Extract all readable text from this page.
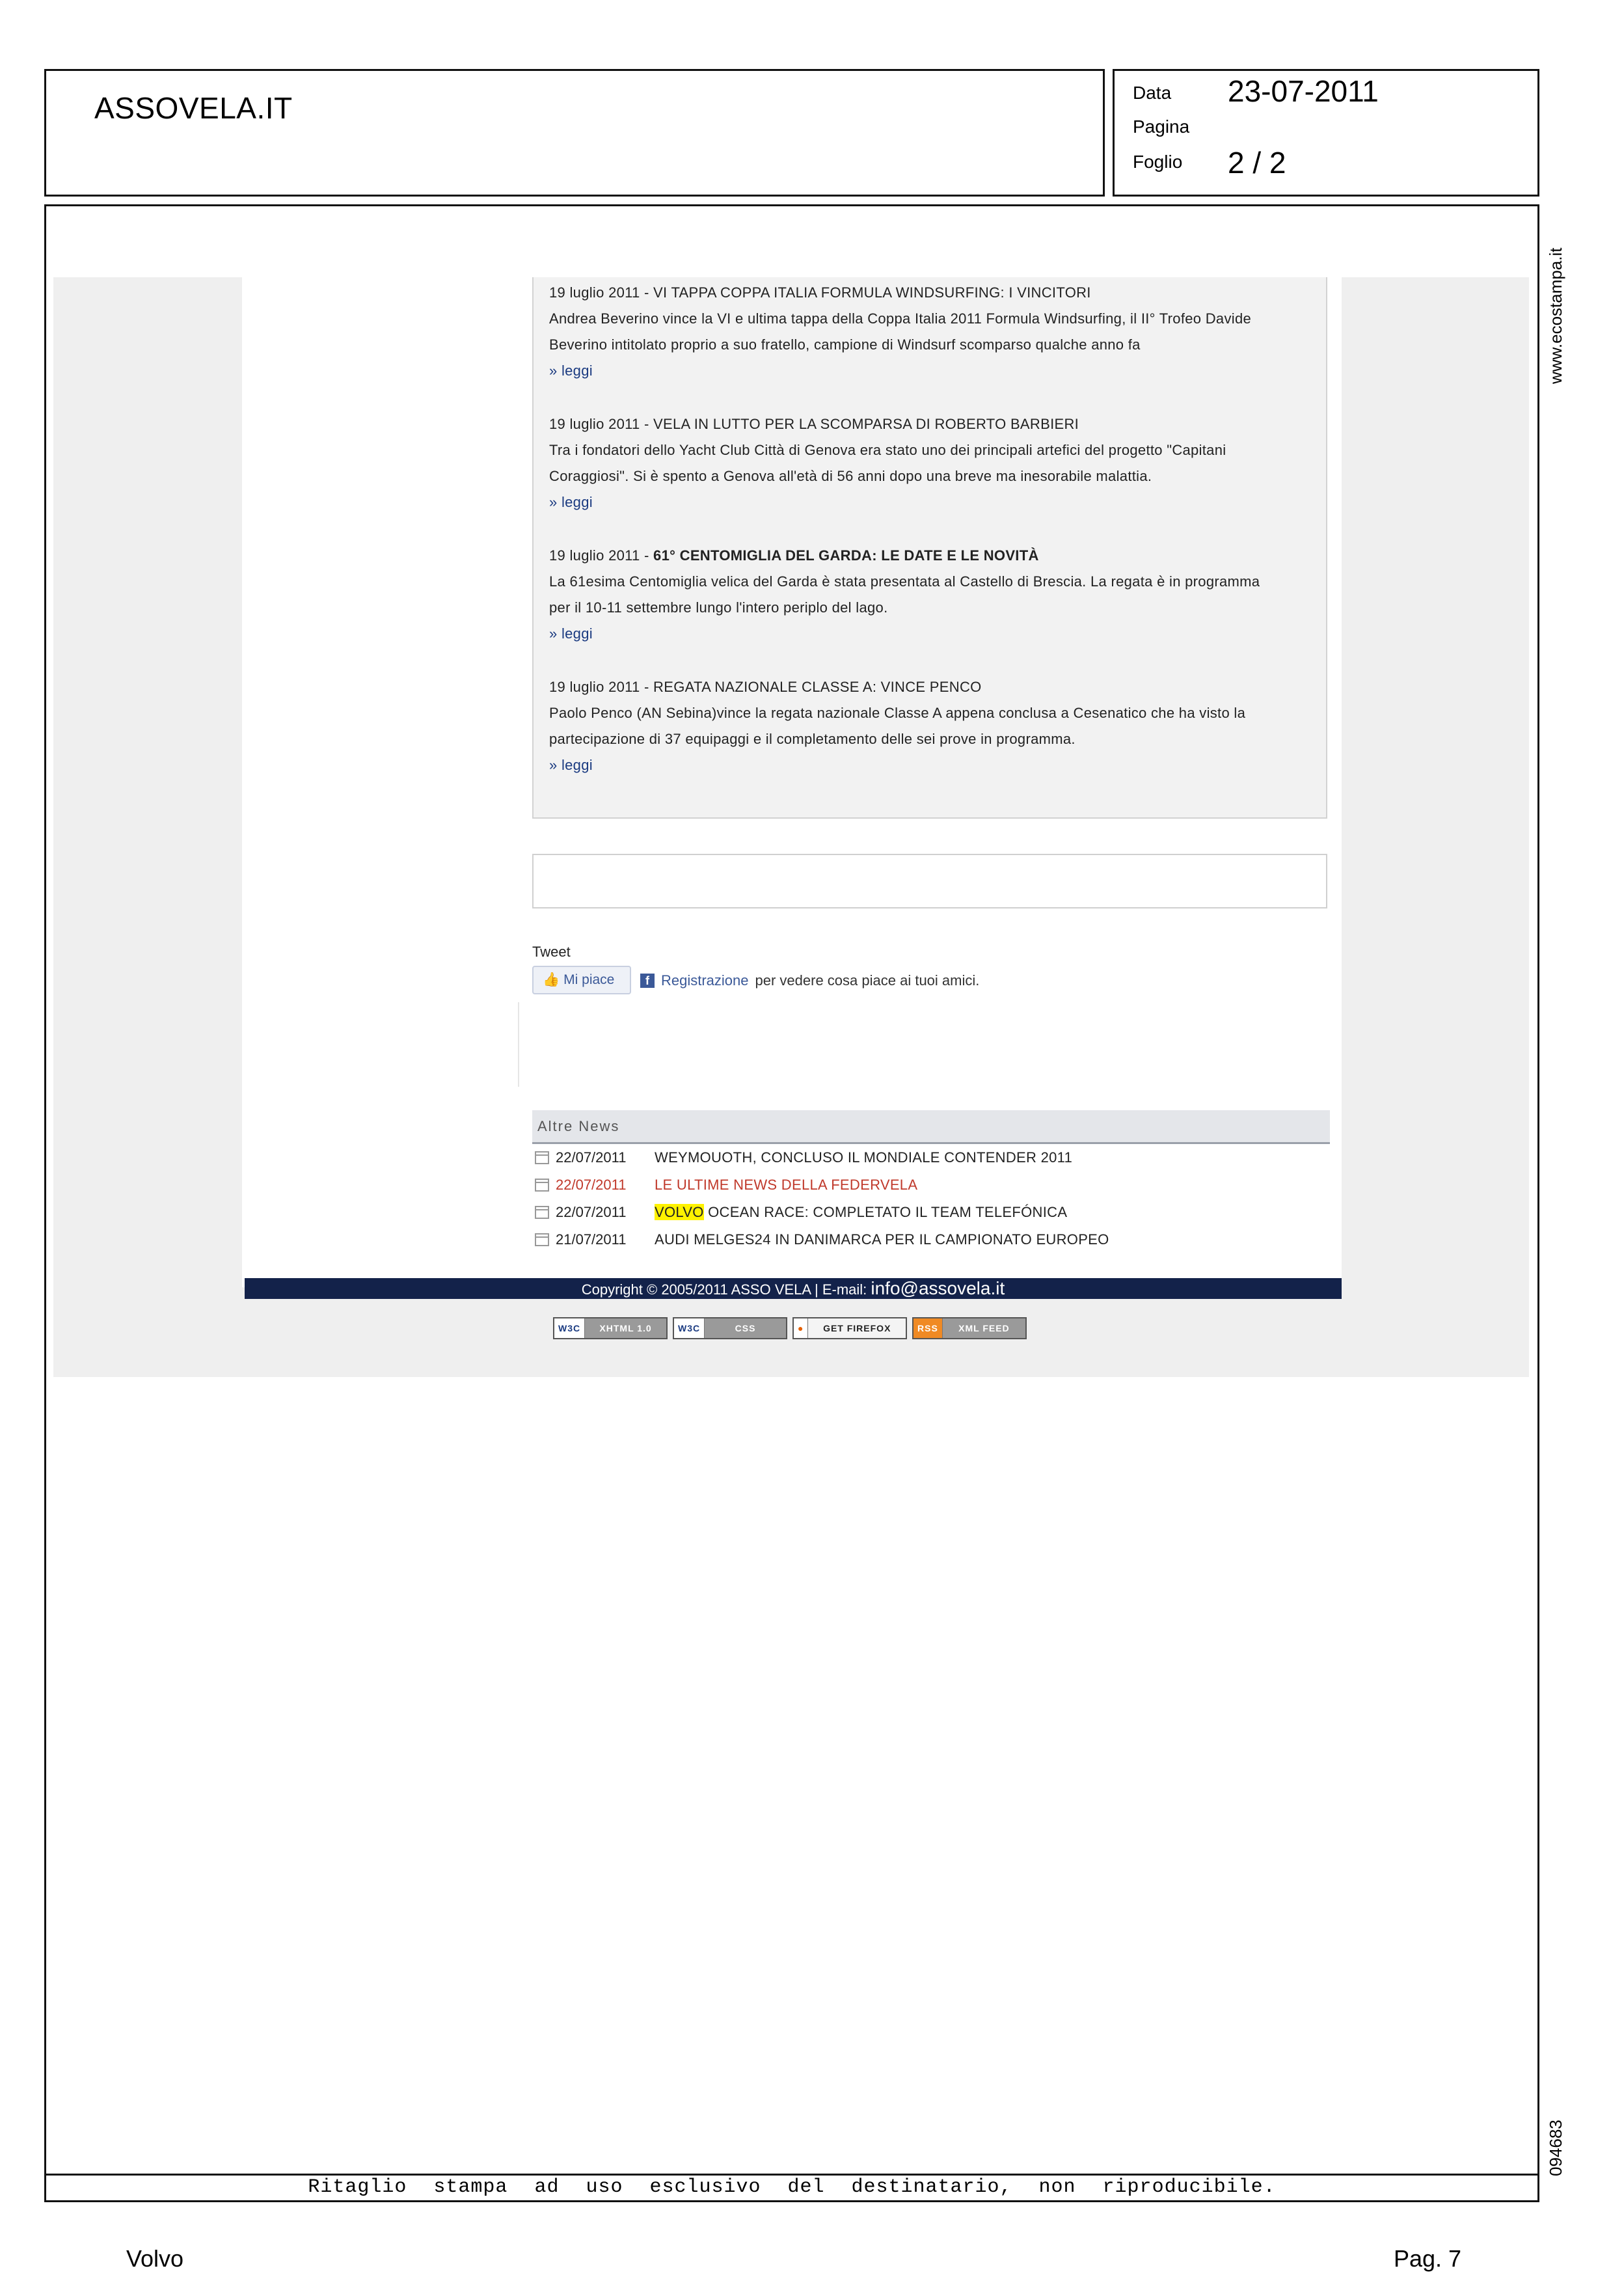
ASSOVELA.IT	Data 23-07-2011
Pagina
Foglio 2 / 2
Ritaglio stampa ad uso esclusivo del destinatario, non riproducibile.
www.ecostampa.it
094683
19 luglio 2011 - VI TAPPA COPPA ITALIA FORMULA WINDSURFING: I VINCITORI
Andrea Beverino vince la VI e ultima tappa della Coppa Italia 2011 Formula Windsurfing, il II° Trofeo Davide
Beverino intitolato proprio a suo fratello, campione di Windsurf scomparso qualche anno fa
» leggi
19 luglio 2011 - VELA IN LUTTO PER LA SCOMPARSA DI ROBERTO BARBIERI
Tra i fondatori dello Yacht Club Città di Genova era stato uno dei principali artefici del progetto "Capitani
Coraggiosi". Si è spento a Genova all'età di 56 anni dopo una breve ma inesorabile malattia.
» leggi
19 luglio 2011 - 61° CENTOMIGLIA DEL GARDA: LE DATE E LE NOVITÀ
La 61esima Centomiglia velica del Garda è stata presentata al Castello di Brescia. La regata è in programma
per il 10-11 settembre lungo l'intero periplo del lago.
» leggi
19 luglio 2011 - REGATA NAZIONALE CLASSE A: VINCE PENCO
Paolo Penco (AN Sebina)vince la regata nazionale Classe A appena conclusa a Cesenatico che ha visto la
partecipazione di 37 equipaggi e il completamento delle sei prove in programma.
» leggi
Tweet
👍 Mi piace	f Registrazione per vedere cosa piace ai tuoi amici.
Altre News
22/07/2011	WEYMOUOTH, CONCLUSO IL MONDIALE CONTENDER 2011
22/07/2011	LE ULTIME NEWS DELLA FEDERVELA
22/07/2011	VOLVO OCEAN RACE: COMPLETATO IL TEAM TELEFÓNICA
21/07/2011	AUDI MELGES24 IN DANIMARCA PER IL CAMPIONATO EUROPEO
Copyright © 2005/2011 ASSO VELA | E-mail: info@assovela.it
W3C	XHTML 1.0	W3C	CSS	●	GET FIREFOX	RSS	XML FEED
Volvo	Pag. 7
